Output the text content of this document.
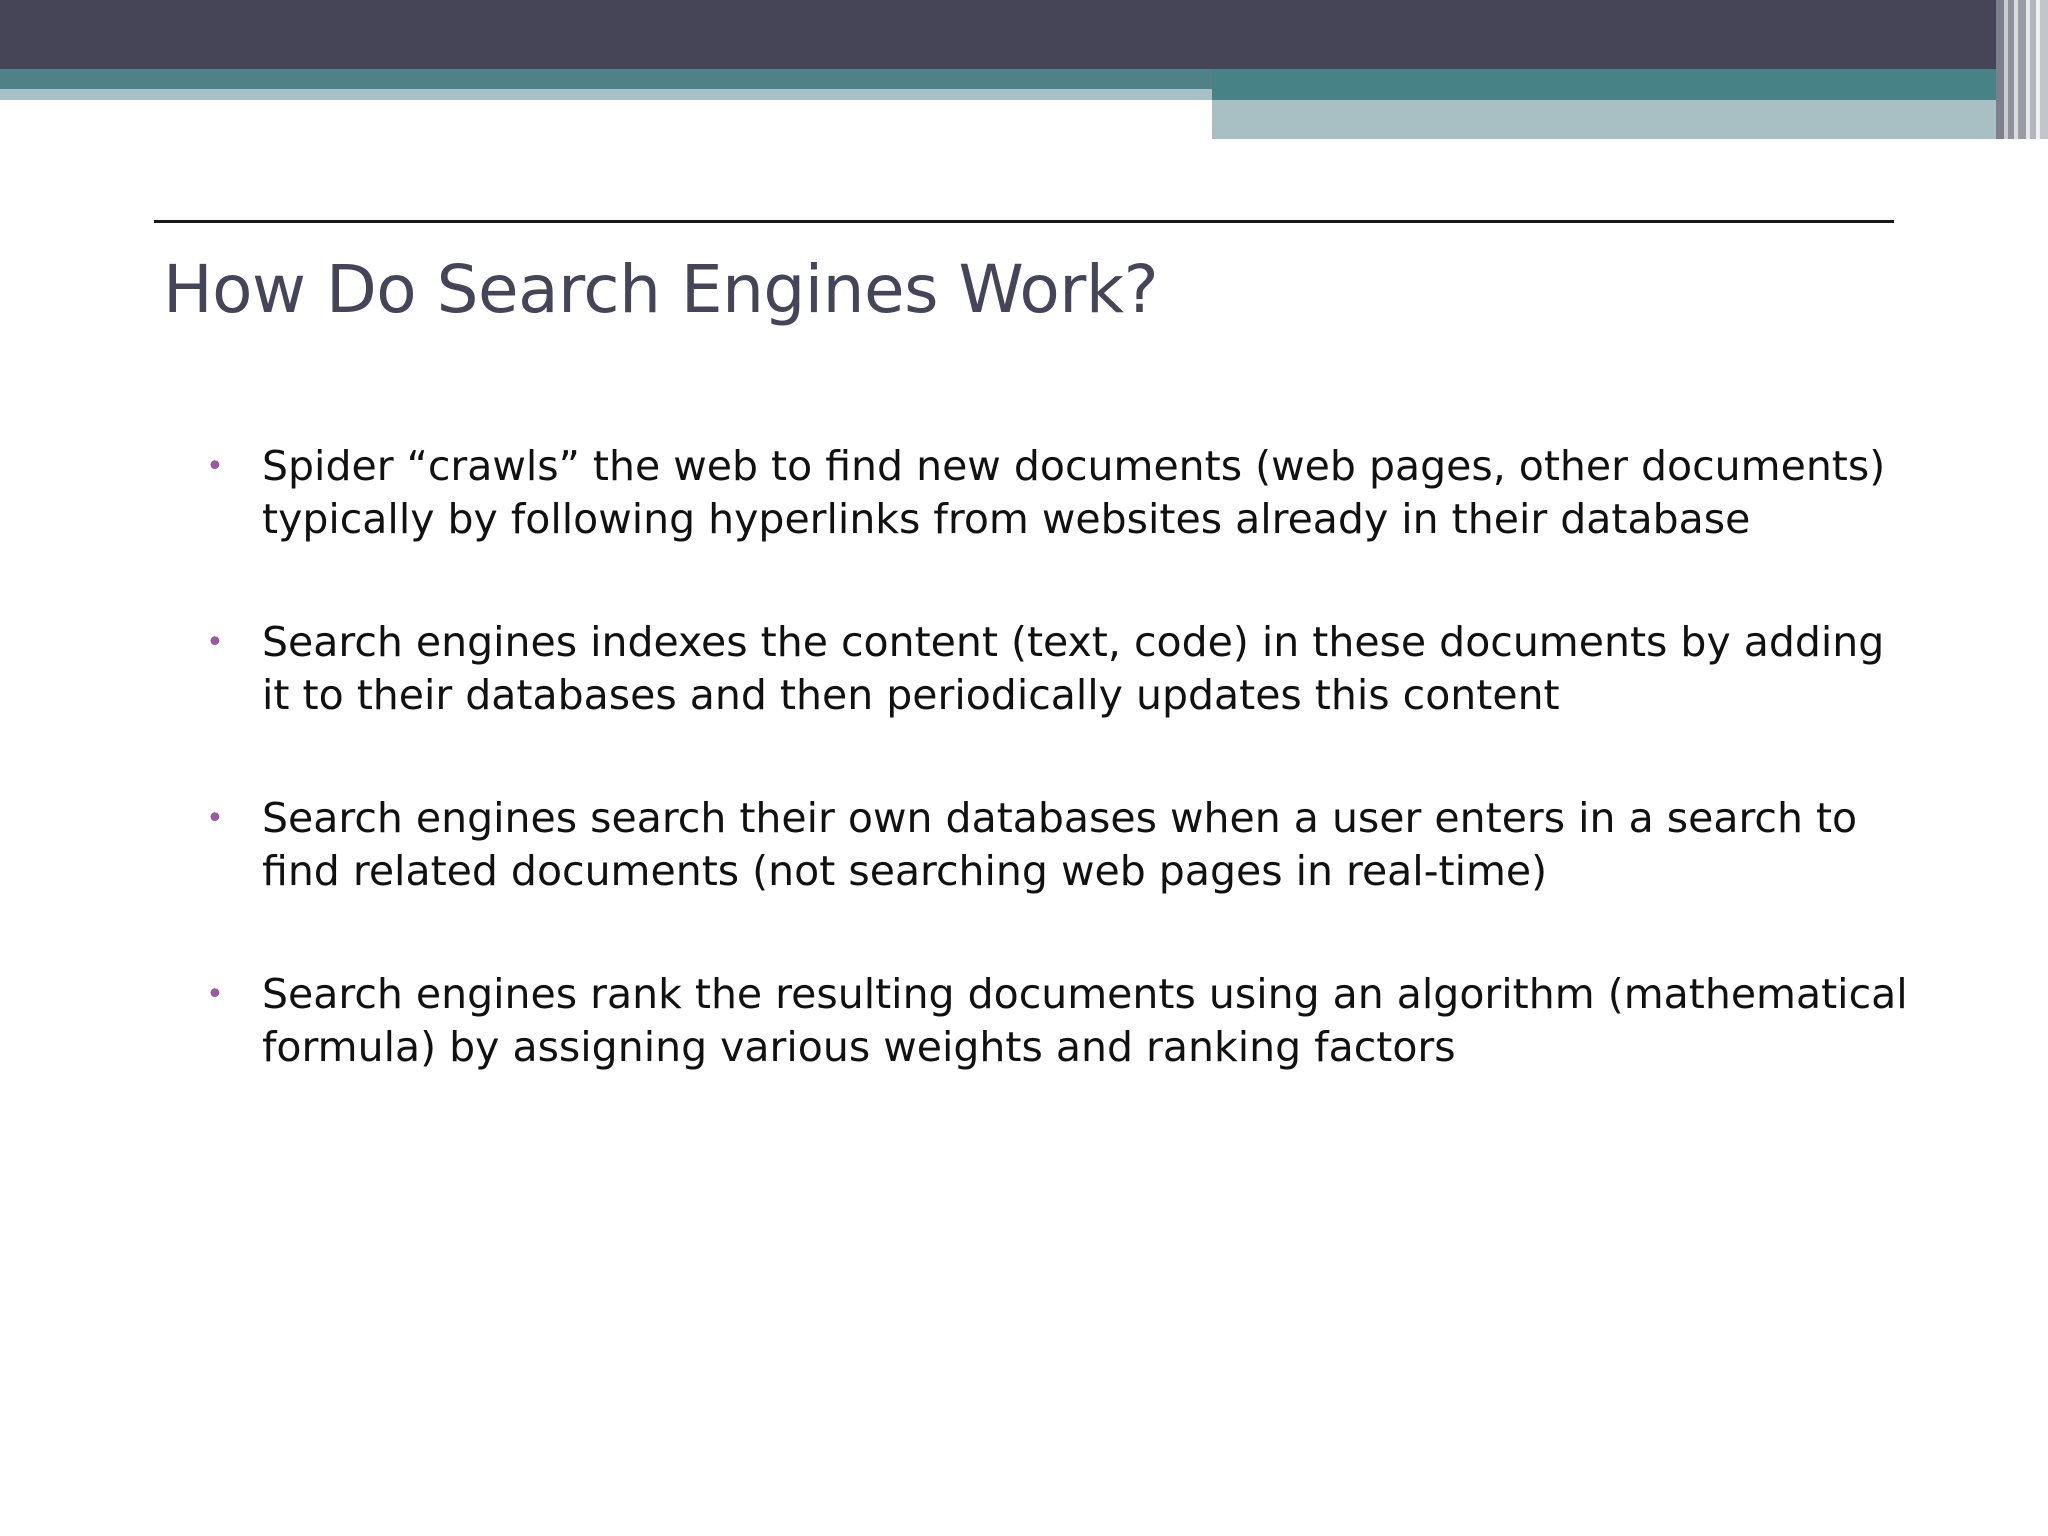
How Do Search Engines Work?
• Spider “crawls” the web to find new documents (web pages, other documents)
typically by following hyperlinks from websites already in their database
• Search engines indexes the content (text, code) in these documents by adding
it to their databases and then periodically updates this content
• Search engines search their own databases when a user enters in a search to
find related documents (not searching web pages in real-time)
• Search engines rank the resulting documents using an algorithm (mathematical
formula) by assigning various weights and ranking factors
